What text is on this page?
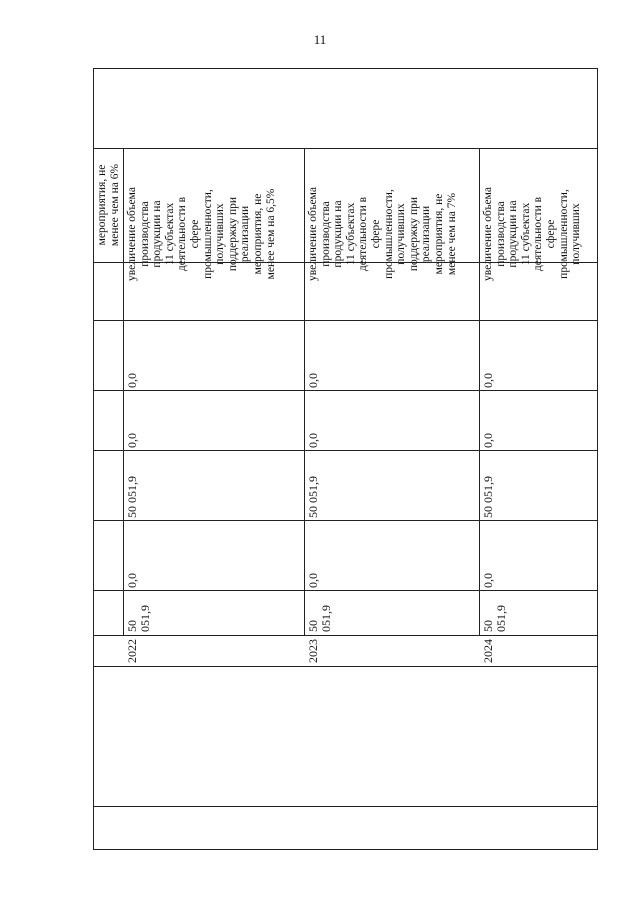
11
мероприятия, не
менее чем на 6%
увеличение объема
производства
продукции на
11 субъектах
деятельности в
сфере
промышленности,
получивших
поддержку при
реализации
мероприятия, не
менее чем на 6,5%
0,0
0,0
50 051,9
0,0
50 051,9
2022
увеличение объема
производства
продукции на
11 субъектах
деятельности в
сфере
промышленности,
получивших
поддержку при
реализации
мероприятия, не
менее чем на 7%
0,0
0,0
50 051,9
0,0
50 051,9
2023
увеличение объема
производства
продукции на
11 субъектах
деятельности в
сфере
промышленности,
получивших
0,0
0,0
50 051,9
0,0
50 051,9
2024
